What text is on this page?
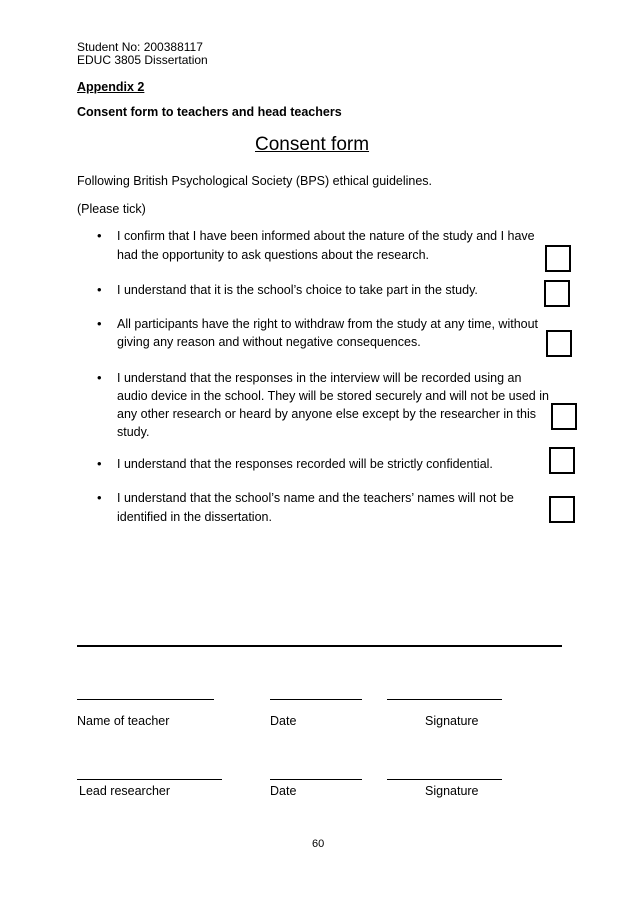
Student No: 200388117
EDUC 3805 Dissertation
Appendix 2
Consent form to teachers and head teachers
Consent form
Following British Psychological Society (BPS) ethical guidelines.
(Please tick)
• I confirm that I have been informed about the nature of the study and I have
had the opportunity to ask questions about the research.
• I understand that it is the school’s choice to take part in the study.
• All participants have the right to withdraw from the study at any time, without
giving any reason and without negative consequences.
• I understand that the responses in the interview will be recorded using an
audio device in the school. They will be stored securely and will not be used in
any other research or heard by anyone else except by the researcher in this
study.
• I understand that the responses recorded will be strictly confidential.
• I understand that the school’s name and the teachers’ names will not be
identified in the dissertation.
Name of teacher	Date	Signature
Lead researcher	Date	Signature
60
